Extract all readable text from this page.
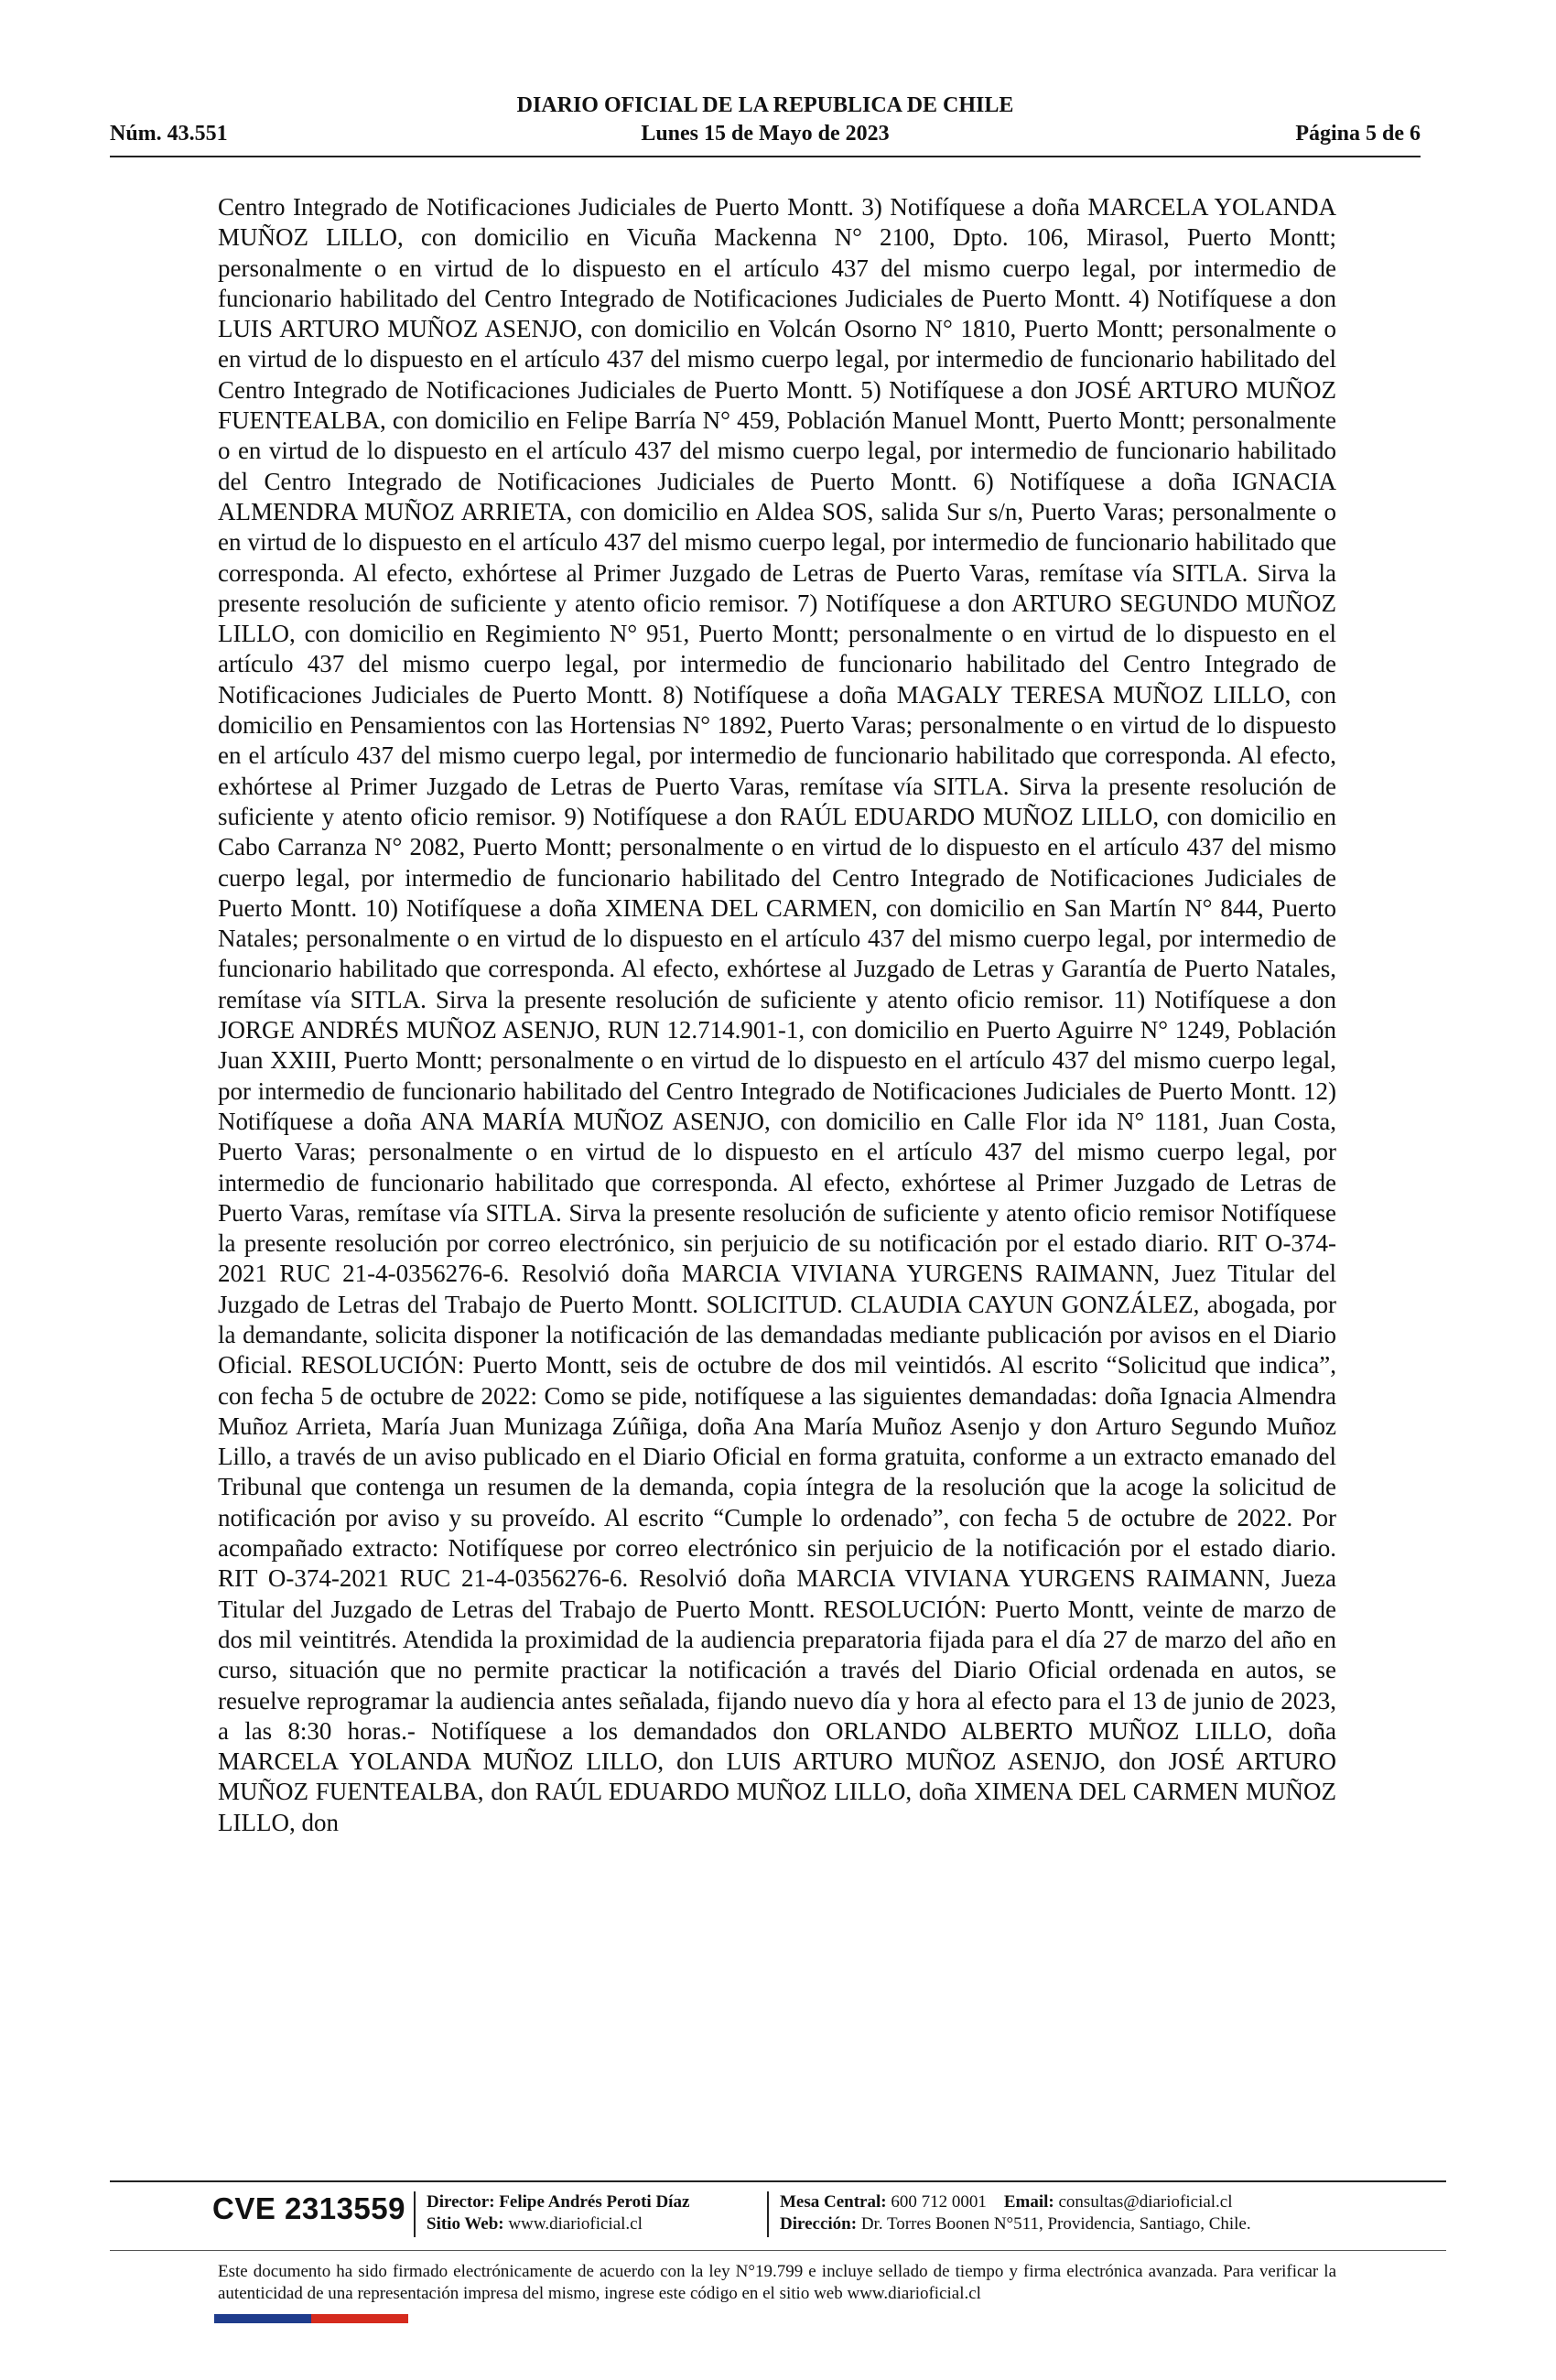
DIARIO OFICIAL DE LA REPUBLICA DE CHILE
Núm. 43.551	Lunes 15 de Mayo de 2023	Página 5 de 6

Centro Integrado de Notificaciones Judiciales de Puerto Montt. 3) Notifíquese a doña MARCELA YOLANDA MUÑOZ LILLO, con domicilio en Vicuña Mackenna N° 2100, Dpto. 106, Mirasol, Puerto Montt; personalmente o en virtud de lo dispuesto en el artículo 437 del mismo cuerpo legal, por intermedio de funcionario habilitado del Centro Integrado de Notificaciones Judiciales de Puerto Montt. 4) Notifíquese a don LUIS ARTURO MUÑOZ ASENJO, con domicilio en Volcán Osorno N° 1810, Puerto Montt; personalmente o en virtud de lo dispuesto en el artículo 437 del mismo cuerpo legal, por intermedio de funcionario habilitado del Centro Integrado de Notificaciones Judiciales de Puerto Montt. 5) Notifíquese a don JOSÉ ARTURO MUÑOZ FUENTEALBA, con domicilio en Felipe Barría N° 459, Población Manuel Montt, Puerto Montt; personalmente o en virtud de lo dispuesto en el artículo 437 del mismo cuerpo legal, por intermedio de funcionario habilitado del Centro Integrado de Notificaciones Judiciales de Puerto Montt. 6) Notifíquese a doña IGNACIA ALMENDRA MUÑOZ ARRIETA, con domicilio en Aldea SOS, salida Sur s/n, Puerto Varas; personalmente o en virtud de lo dispuesto en el artículo 437 del mismo cuerpo legal, por intermedio de funcionario habilitado que corresponda. Al efecto, exhórtese al Primer Juzgado de Letras de Puerto Varas, remítase vía SITLA. Sirva la presente resolución de suficiente y atento oficio remisor. 7) Notifíquese a don ARTURO SEGUNDO MUÑOZ LILLO, con domicilio en Regimiento N° 951, Puerto Montt; personalmente o en virtud de lo dispuesto en el artículo 437 del mismo cuerpo legal, por intermedio de funcionario habilitado del Centro Integrado de Notificaciones Judiciales de Puerto Montt. 8) Notifíquese a doña MAGALY TERESA MUÑOZ LILLO, con domicilio en Pensamientos con las Hortensias N° 1892, Puerto Varas; personalmente o en virtud de lo dispuesto en el artículo 437 del mismo cuerpo legal, por intermedio de funcionario habilitado que corresponda. Al efecto, exhórtese al Primer Juzgado de Letras de Puerto Varas, remítase vía SITLA. Sirva la presente resolución de suficiente y atento oficio remisor. 9) Notifíquese a don RAÚL EDUARDO MUÑOZ LILLO, con domicilio en Cabo Carranza N° 2082, Puerto Montt; personalmente o en virtud de lo dispuesto en el artículo 437 del mismo cuerpo legal, por intermedio de funcionario habilitado del Centro Integrado de Notificaciones Judiciales de Puerto Montt. 10) Notifíquese a doña XIMENA DEL CARMEN, con domicilio en San Martín N° 844, Puerto Natales; personalmente o en virtud de lo dispuesto en el artículo 437 del mismo cuerpo legal, por intermedio de funcionario habilitado que corresponda. Al efecto, exhórtese al Juzgado de Letras y Garantía de Puerto Natales, remítase vía SITLA. Sirva la presente resolución de suficiente y atento oficio remisor. 11) Notifíquese a don JORGE ANDRÉS MUÑOZ ASENJO, RUN 12.714.901-1, con domicilio en Puerto Aguirre N° 1249, Población Juan XXIII, Puerto Montt; personalmente o en virtud de lo dispuesto en el artículo 437 del mismo cuerpo legal, por intermedio de funcionario habilitado del Centro Integrado de Notificaciones Judiciales de Puerto Montt. 12) Notifíquese a doña ANA MARÍA MUÑOZ ASENJO, con domicilio en Calle Flor ida N° 1181, Juan Costa, Puerto Varas; personalmente o en virtud de lo dispuesto en el artículo 437 del mismo cuerpo legal, por intermedio de funcionario habilitado que corresponda. Al efecto, exhórtese al Primer Juzgado de Letras de Puerto Varas, remítase vía SITLA. Sirva la presente resolución de suficiente y atento oficio remisor Notifíquese la presente resolución por correo electrónico, sin perjuicio de su notificación por el estado diario. RIT O-374-2021 RUC 21-4-0356276-6. Resolvió doña MARCIA VIVIANA YURGENS RAIMANN, Juez Titular del Juzgado de Letras del Trabajo de Puerto Montt. SOLICITUD. CLAUDIA CAYUN GONZÁLEZ, abogada, por la demandante, solicita disponer la notificación de las demandadas mediante publicación por avisos en el Diario Oficial. RESOLUCIÓN: Puerto Montt, seis de octubre de dos mil veintidós. Al escrito “Solicitud que indica”, con fecha 5 de octubre de 2022: Como se pide, notifíquese a las siguientes demandadas: doña Ignacia Almendra Muñoz Arrieta, María Juan Munizaga Zúñiga, doña Ana María Muñoz Asenjo y don Arturo Segundo Muñoz Lillo, a través de un aviso publicado en el Diario Oficial en forma gratuita, conforme a un extracto emanado del Tribunal que contenga un resumen de la demanda, copia íntegra de la resolución que la acoge la solicitud de notificación por aviso y su proveído. Al escrito “Cumple lo ordenado”, con fecha 5 de octubre de 2022. Por acompañado extracto: Notifíquese por correo electrónico sin perjuicio de la notificación por el estado diario. RIT O-374-2021 RUC 21-4-0356276-6. Resolvió doña MARCIA VIVIANA YURGENS RAIMANN, Jueza Titular del Juzgado de Letras del Trabajo de Puerto Montt. RESOLUCIÓN: Puerto Montt, veinte de marzo de dos mil veintitrés. Atendida la proximidad de la audiencia preparatoria fijada para el día 27 de marzo del año en curso, situación que no permite practicar la notificación a través del Diario Oficial ordenada en autos, se resuelve reprogramar la audiencia antes señalada, fijando nuevo día y hora al efecto para el 13 de junio de 2023, a las 8:30 horas.- Notifíquese a los demandados don ORLANDO ALBERTO MUÑOZ LILLO, doña MARCELA YOLANDA MUÑOZ LILLO, don LUIS ARTURO MUÑOZ ASENJO, don JOSÉ ARTURO MUÑOZ FUENTEALBA, don RAÚL EDUARDO MUÑOZ LILLO, doña XIMENA DEL CARMEN MUÑOZ LILLO, don

CVE 2313559 Director: Felipe Andrés Peroti Díaz
Sitio Web: www.diarioficial.cl
Mesa Central: 600 712 0001 Email: consultas@diarioficial.cl
Dirección: Dr. Torres Boonen N°511, Providencia, Santiago, Chile.
Este documento ha sido firmado electrónicamente de acuerdo con la ley N°19.799 e incluye sellado de tiempo y firma electrónica avanzada. Para verificar la autenticidad de una representación impresa del mismo, ingrese este código en el sitio web www.diarioficial.cl
